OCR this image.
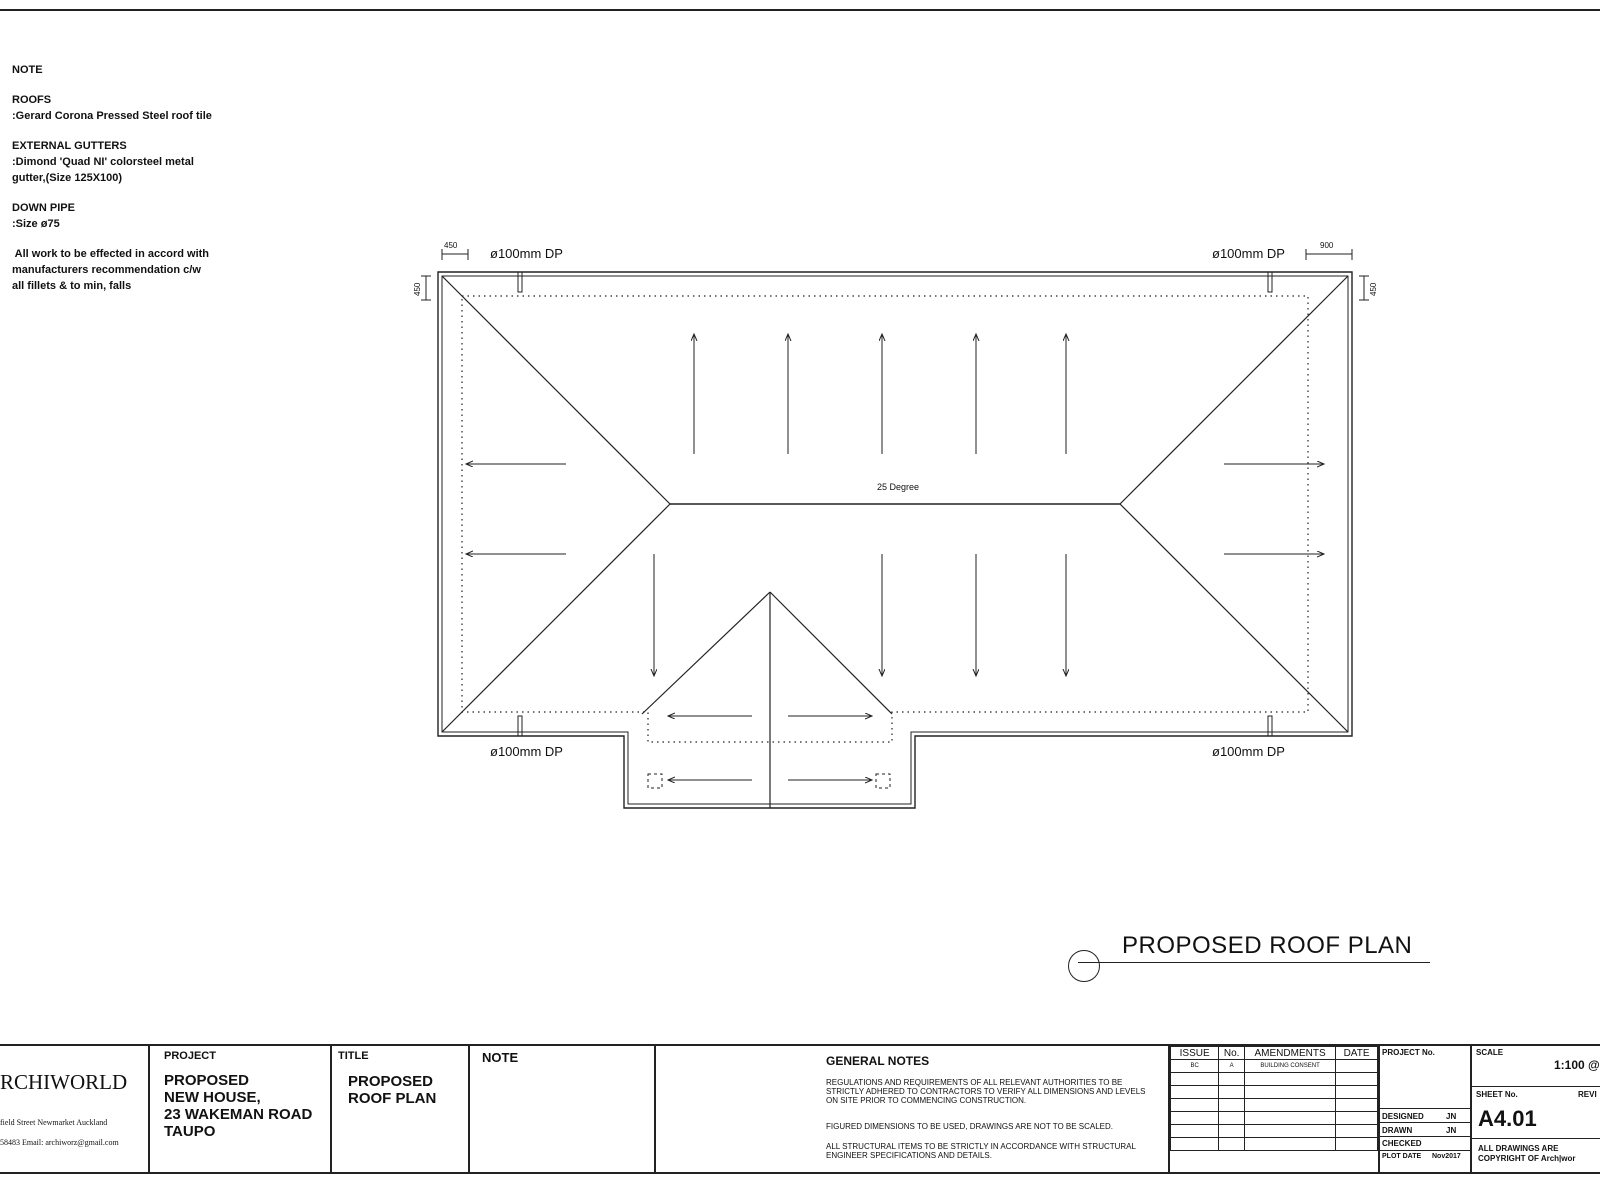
NOTE
ROOFS
:Gerard Corona Pressed Steel roof tile
EXTERNAL GUTTERS
:Dimond 'Quad NI' colorsteel metal
gutter,(Size 125X100)
DOWN PIPE
:Size ø75
All work to be effected in accord with
manufacturers recommendation c/w
all fillets & to min, falls
ø100mm DP	ø100mm DP
ø100mm DP	ø100mm DP
450	900
450	450
25 Degree
PROPOSED ROOF PLAN
RCHIWORLD
field Street Newmarket Auckland
58483 Email: archiworz@gmail.com
PROJECT
PROPOSED
NEW HOUSE,
23 WAKEMAN ROAD
TAUPO
TITLE
PROPOSED
ROOF PLAN
NOTE	GENERAL NOTES
REGULATIONS AND REQUIREMENTS OF ALL RELEVANT AUTHORITIES TO BE STRICTLY ADHERED TO CONTRACTORS TO VERIFY ALL DIMENSIONS AND LEVELS ON SITE PRIOR TO COMMENCING CONSTRUCTION.
FIGURED DIMENSIONS TO BE USED, DRAWINGS ARE NOT TO BE SCALED.
ALL STRUCTURAL ITEMS TO BE STRICTLY IN ACCORDANCE WITH STRUCTURAL ENGINEER SPECIFICATIONS AND DETAILS.
ISSUE	No.	AMENDMENTS	DATE
BC	A	BUILDING CONSENT	

PROJECT No.
DESIGNED	JN
DRAWN	JN
CHECKED
PLOT DATE Nov2017
SCALE
1:100 @
SHEET No.	REVI
A4.01
ALL DRAWINGS ARE
COPYRIGHT OF Arch|wor
